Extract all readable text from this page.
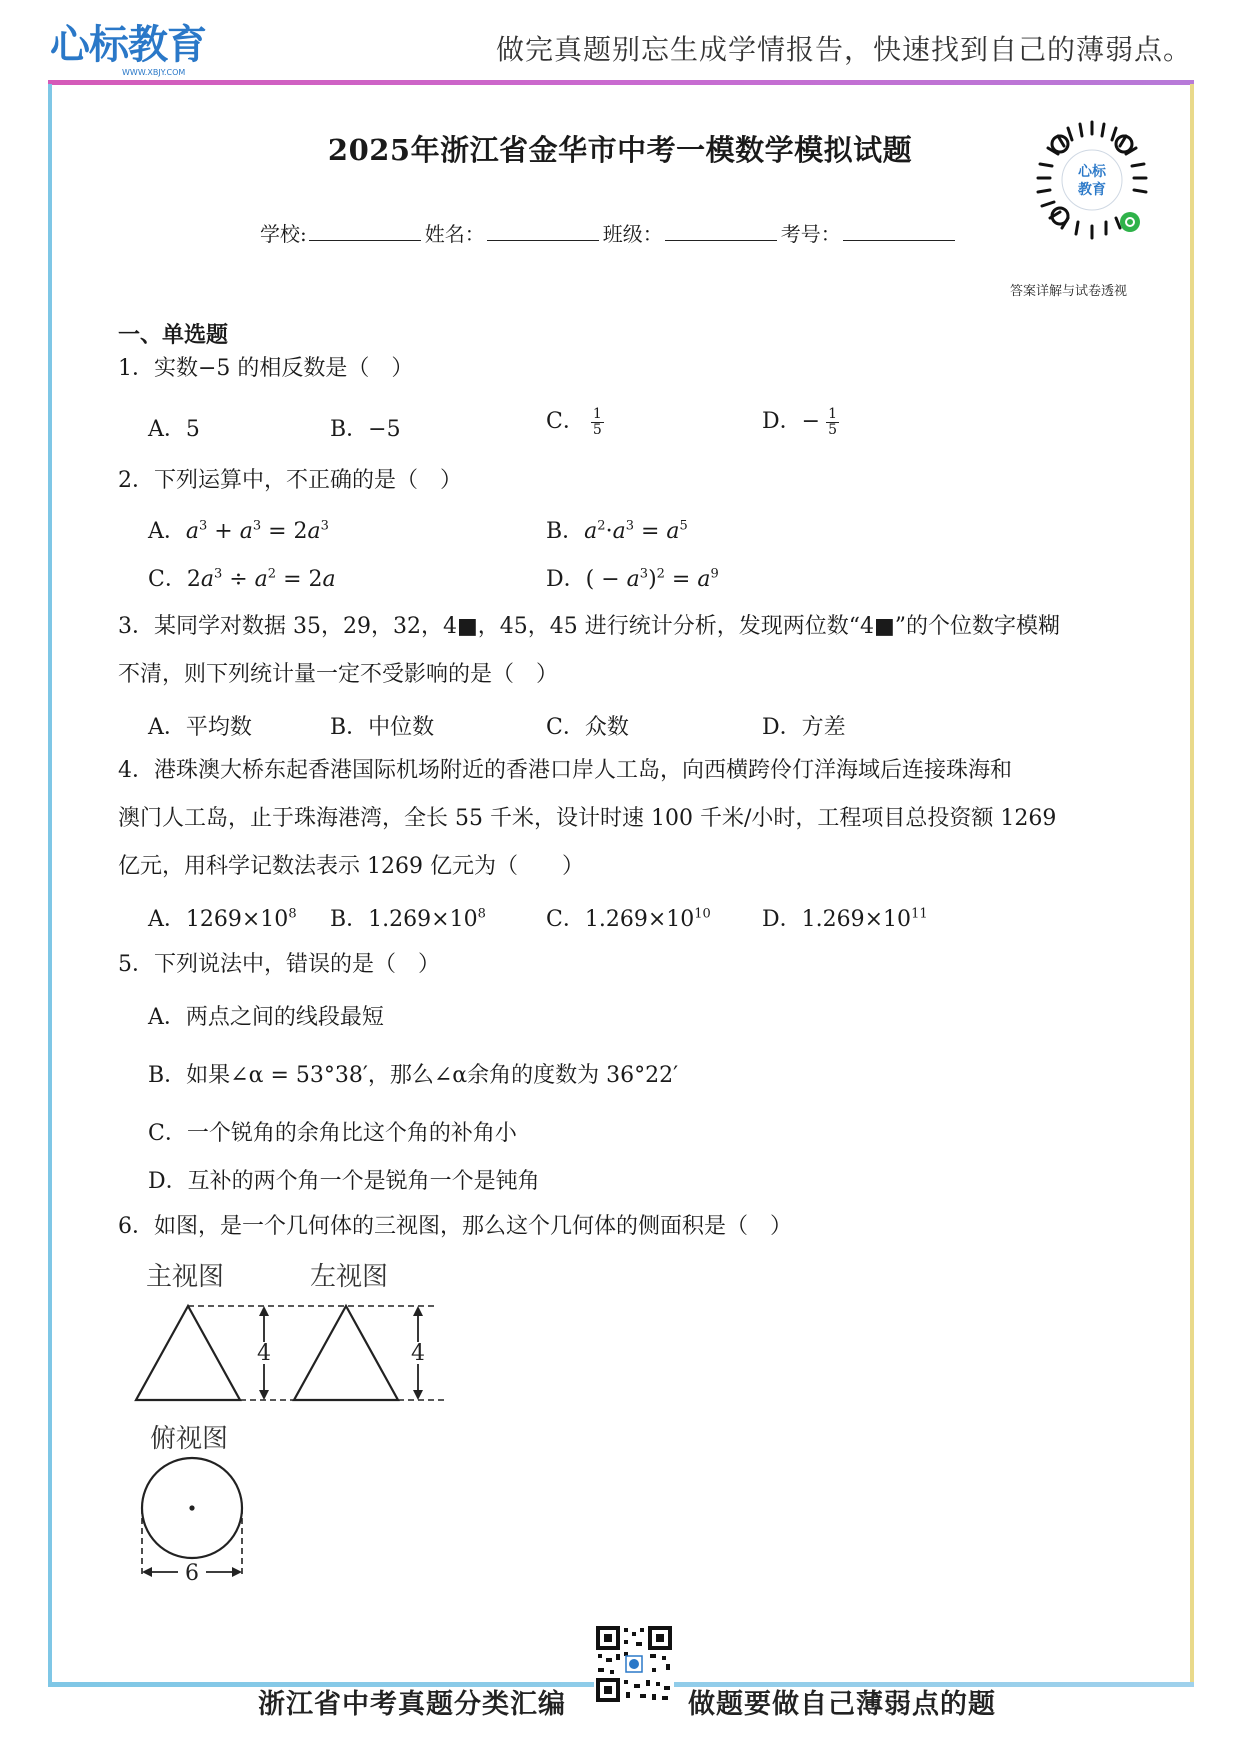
心标教育
WWW.XBJY.COM
做完真题别忘生成学情报告，快速找到自己的薄弱点。
2025年浙江省金华市中考一模数学模拟试题
学校:	姓名：	班级：	考号：
心标
教育
答案详解与试卷透视
一、单选题
1．实数−5 的相反数是（　）
A．5	B．−5	C． $\frac{1}{5}$	D．− $\frac{1}{5}$
2．下列运算中，不正确的是（　）
A．$a^3 + a^3 = 2a^3$	B．$a^2\cdot a^3 = a^5$
C．$2a^3 \div a^2 = 2a$	D．( − $a^3)^2 = a^9$
3．某同学对数据 35，29，32，4■，45，45 进行统计分析，发现两位数“4■”的个位数字模糊
不清，则下列统计量一定不受影响的是（　）
A．平均数	B．中位数	C．众数	D．方差
4．港珠澳大桥东起香港国际机场附近的香港口岸人工岛，向西横跨伶仃洋海域后连接珠海和
澳门人工岛，止于珠海港湾，全长 55 千米，设计时速 100 千米/小时，工程项目总投资额 1269
亿元，用科学记数法表示 1269 亿元为（　　）
A．$1269\times 10^8$ B．$1.269\times 10^8$	C．$1.269\times 10^{10}$ D．$1.269\times 10^{11}$
5．下列说法中，错误的是（　）
A．两点之间的线段最短
B．如果∠α = 53°38′，那么∠α余角的度数为 36°22′
C．一个锐角的余角比这个角的补角小
D．互补的两个角一个是锐角一个是钝角
6．如图，是一个几何体的三视图，那么这个几何体的侧面积是（　）
主视图	左视图
4	4
俯视图
6
浙江省中考真题分类汇编	做题要做自己薄弱点的题
